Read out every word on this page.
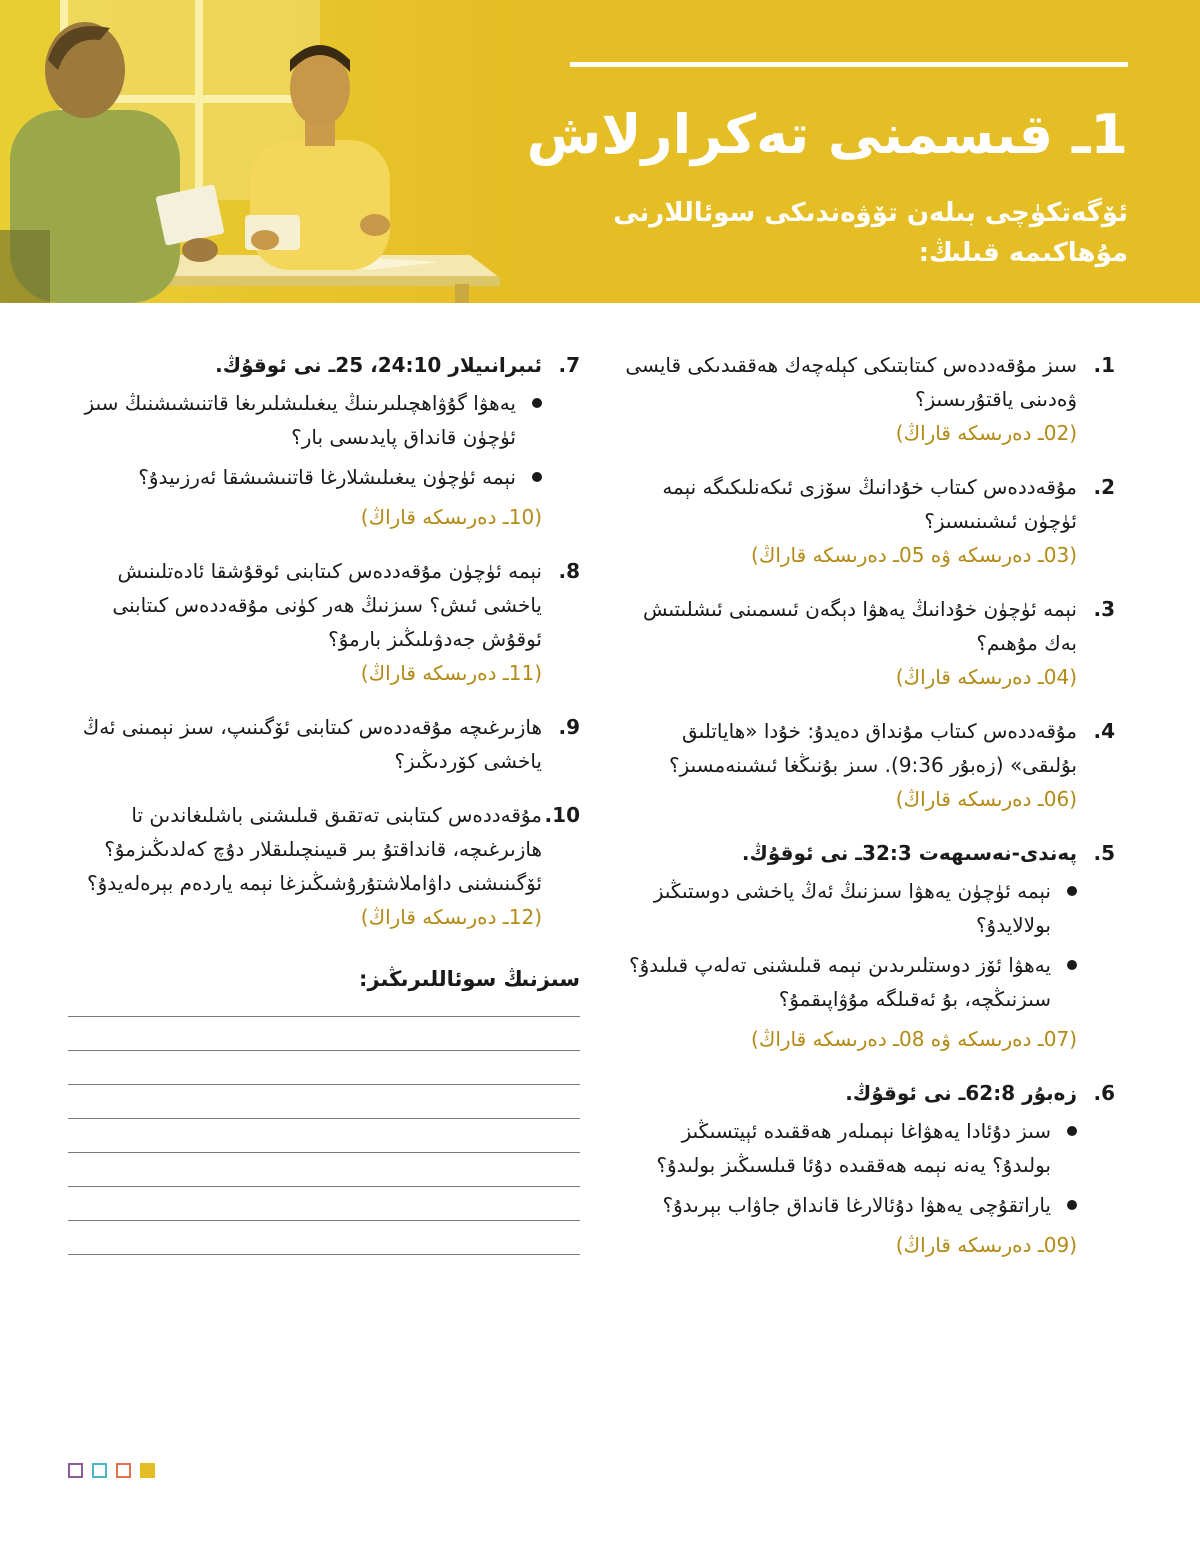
1ـ قىسمنى تەكرارلاش
ئۆگەتكۈچى بىلەن تۆۋەندىكى سوئاللارنى مۇھاكىمە قىلىڭ:
1.
سىز مۇقەددەس كىتابتىكى كېلەچەك ھەققىدىكى قايسى ۋەدىنى ياقتۇرىسىز؟
(02ـ دەرىسكە قاراڭ)
2.
مۇقەددەس كىتاب خۇدانىڭ سۆزى ئىكەنلىكىگە نېمە ئۈچۈن ئىشىنىسىز؟
(03ـ دەرىسكە ۋە 05ـ دەرىسكە قاراڭ)
3.
نېمە ئۈچۈن خۇدانىڭ يەھۋا دېگەن ئىسمىنى ئىشلىتىش بەك مۇھىم؟
(04ـ دەرىسكە قاراڭ)
4.
مۇقەددەس كىتاب مۇنداق دەيدۇ: خۇدا «ھاياتلىق بۇلىقى» (زەبۇر 9:36). سىز بۇنىڭغا ئىشىنەمسىز؟
(06ـ دەرىسكە قاراڭ)
5.
پەندى-نەسىھەت 32:3ـ نى ئوقۇڭ.
نېمە ئۈچۈن يەھۋا سىزنىڭ ئەڭ ياخشى دوستىڭىز بولالايدۇ؟
يەھۋا ئۆز دوستلىرىدىن نېمە قىلىشنى تەلەپ قىلىدۇ؟ سىزنىڭچە، بۇ ئەقىلگە مۇۋاپىقمۇ؟
(07ـ دەرىسكە ۋە 08ـ دەرىسكە قاراڭ)
6.
زەبۇر 62:8ـ نى ئوقۇڭ.
سىز دۇئادا يەھۋاغا نېمىلەر ھەققىدە ئېيتسىڭىز بولىدۇ؟ يەنە نېمە ھەققىدە دۇئا قىلسىڭىز بولىدۇ؟
ياراتقۇچى يەھۋا دۇئالارغا قانداق جاۋاب بېرىدۇ؟
(09ـ دەرىسكە قاراڭ)
7.
ئىبرانىيلار 24:10، 25ـ نى ئوقۇڭ.
يەھۋا گۇۋاھچىلىرىنىڭ يىغىلىشلىرىغا قاتنىشىشنىڭ سىز ئۈچۈن قانداق پايدىسى بار؟
نېمە ئۈچۈن يىغىلىشلارغا قاتنىشىشقا ئەرزىيدۇ؟
(10ـ دەرىسكە قاراڭ)
8.
نېمە ئۈچۈن مۇقەددەس كىتابنى ئوقۇشقا ئادەتلىنىش ياخشى ئىش؟ سىزنىڭ ھەر كۈنى مۇقەددەس كىتابنى ئوقۇش جەدۋىلىڭىز بارمۇ؟
(11ـ دەرىسكە قاراڭ)
9.
ھازىرغىچە مۇقەددەس كىتابنى ئۆگىنىپ، سىز نېمىنى ئەڭ ياخشى كۆردىڭىز؟
10.
مۇقەددەس كىتابنى تەتقىق قىلىشنى باشلىغاندىن تا ھازىرغىچە، قانداقتۇ بىر قىيىنچىلىقلار دۇچ كەلدىڭىزمۇ؟ ئۆگىنىشنى داۋاملاشتۇرۇشىڭىزغا نېمە ياردەم بېرەلەيدۇ؟
(12ـ دەرىسكە قاراڭ)
سىزنىڭ سوئاللىرىڭىز:
